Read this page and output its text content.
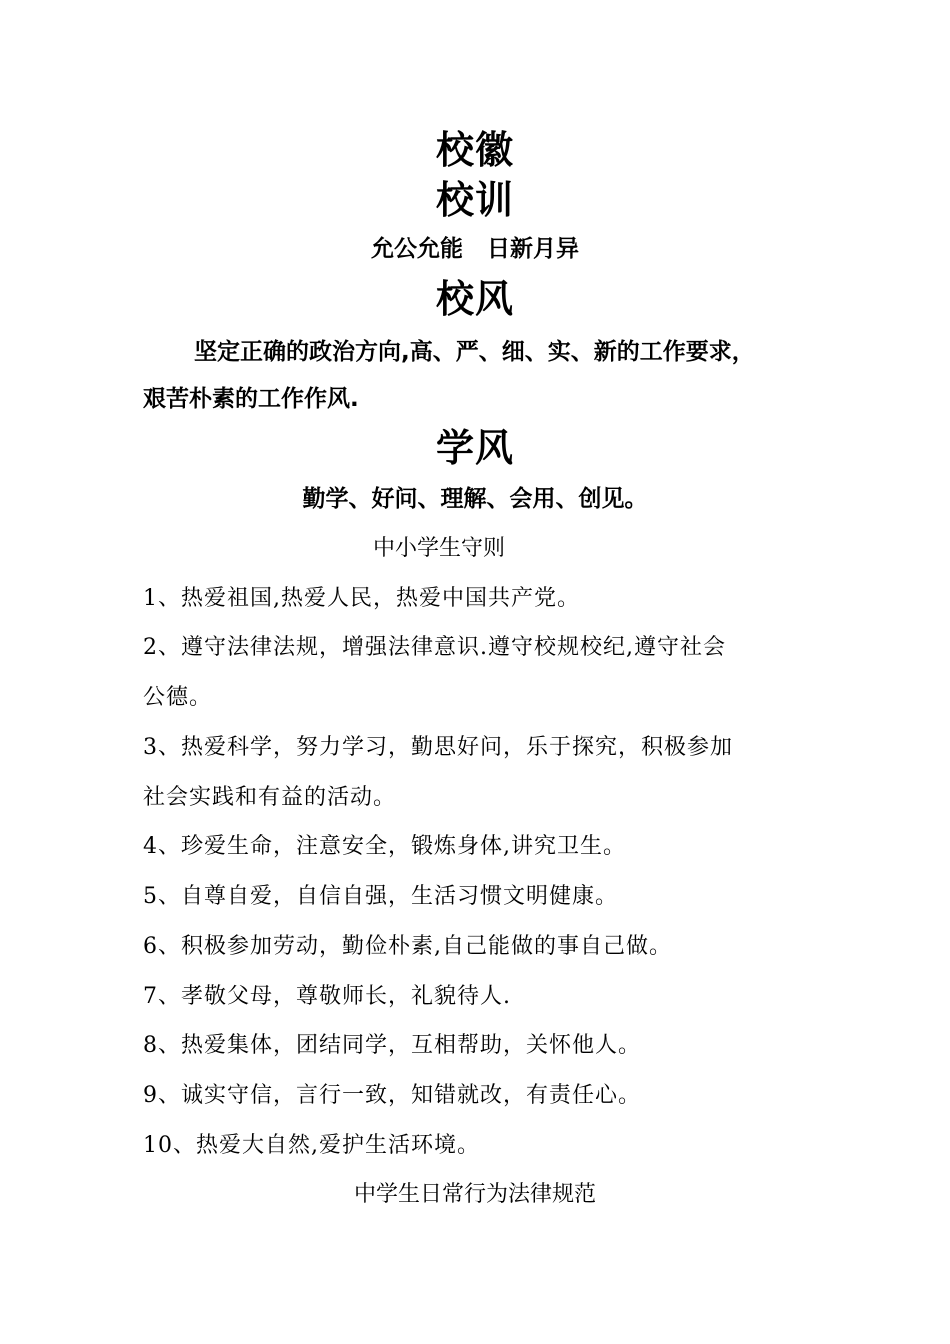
校徽
校训
允公允能   日新月异
校风
坚定正确的政治方向,高、严、细、实、新的工作要求，
艰苦朴素的工作作风.
学风
勤学、好问、理解、会用、创见。
中小学生守则
1、热爱祖国,热爱人民，热爱中国共产党。
2、遵守法律法规，增强法律意识.遵守校规校纪,遵守社会
公德。
3、热爱科学，努力学习，勤思好问，乐于探究，积极参加
社会实践和有益的活动。
4、珍爱生命，注意安全，锻炼身体,讲究卫生。
5、自尊自爱，自信自强，生活习惯文明健康。
6、积极参加劳动，勤俭朴素,自己能做的事自己做。
7、孝敬父母，尊敬师长，礼貌待人.
8、热爱集体，团结同学，互相帮助，关怀他人。
9、诚实守信，言行一致，知错就改，有责任心。
10、热爱大自然,爱护生活环境。
中学生日常行为法律规范
